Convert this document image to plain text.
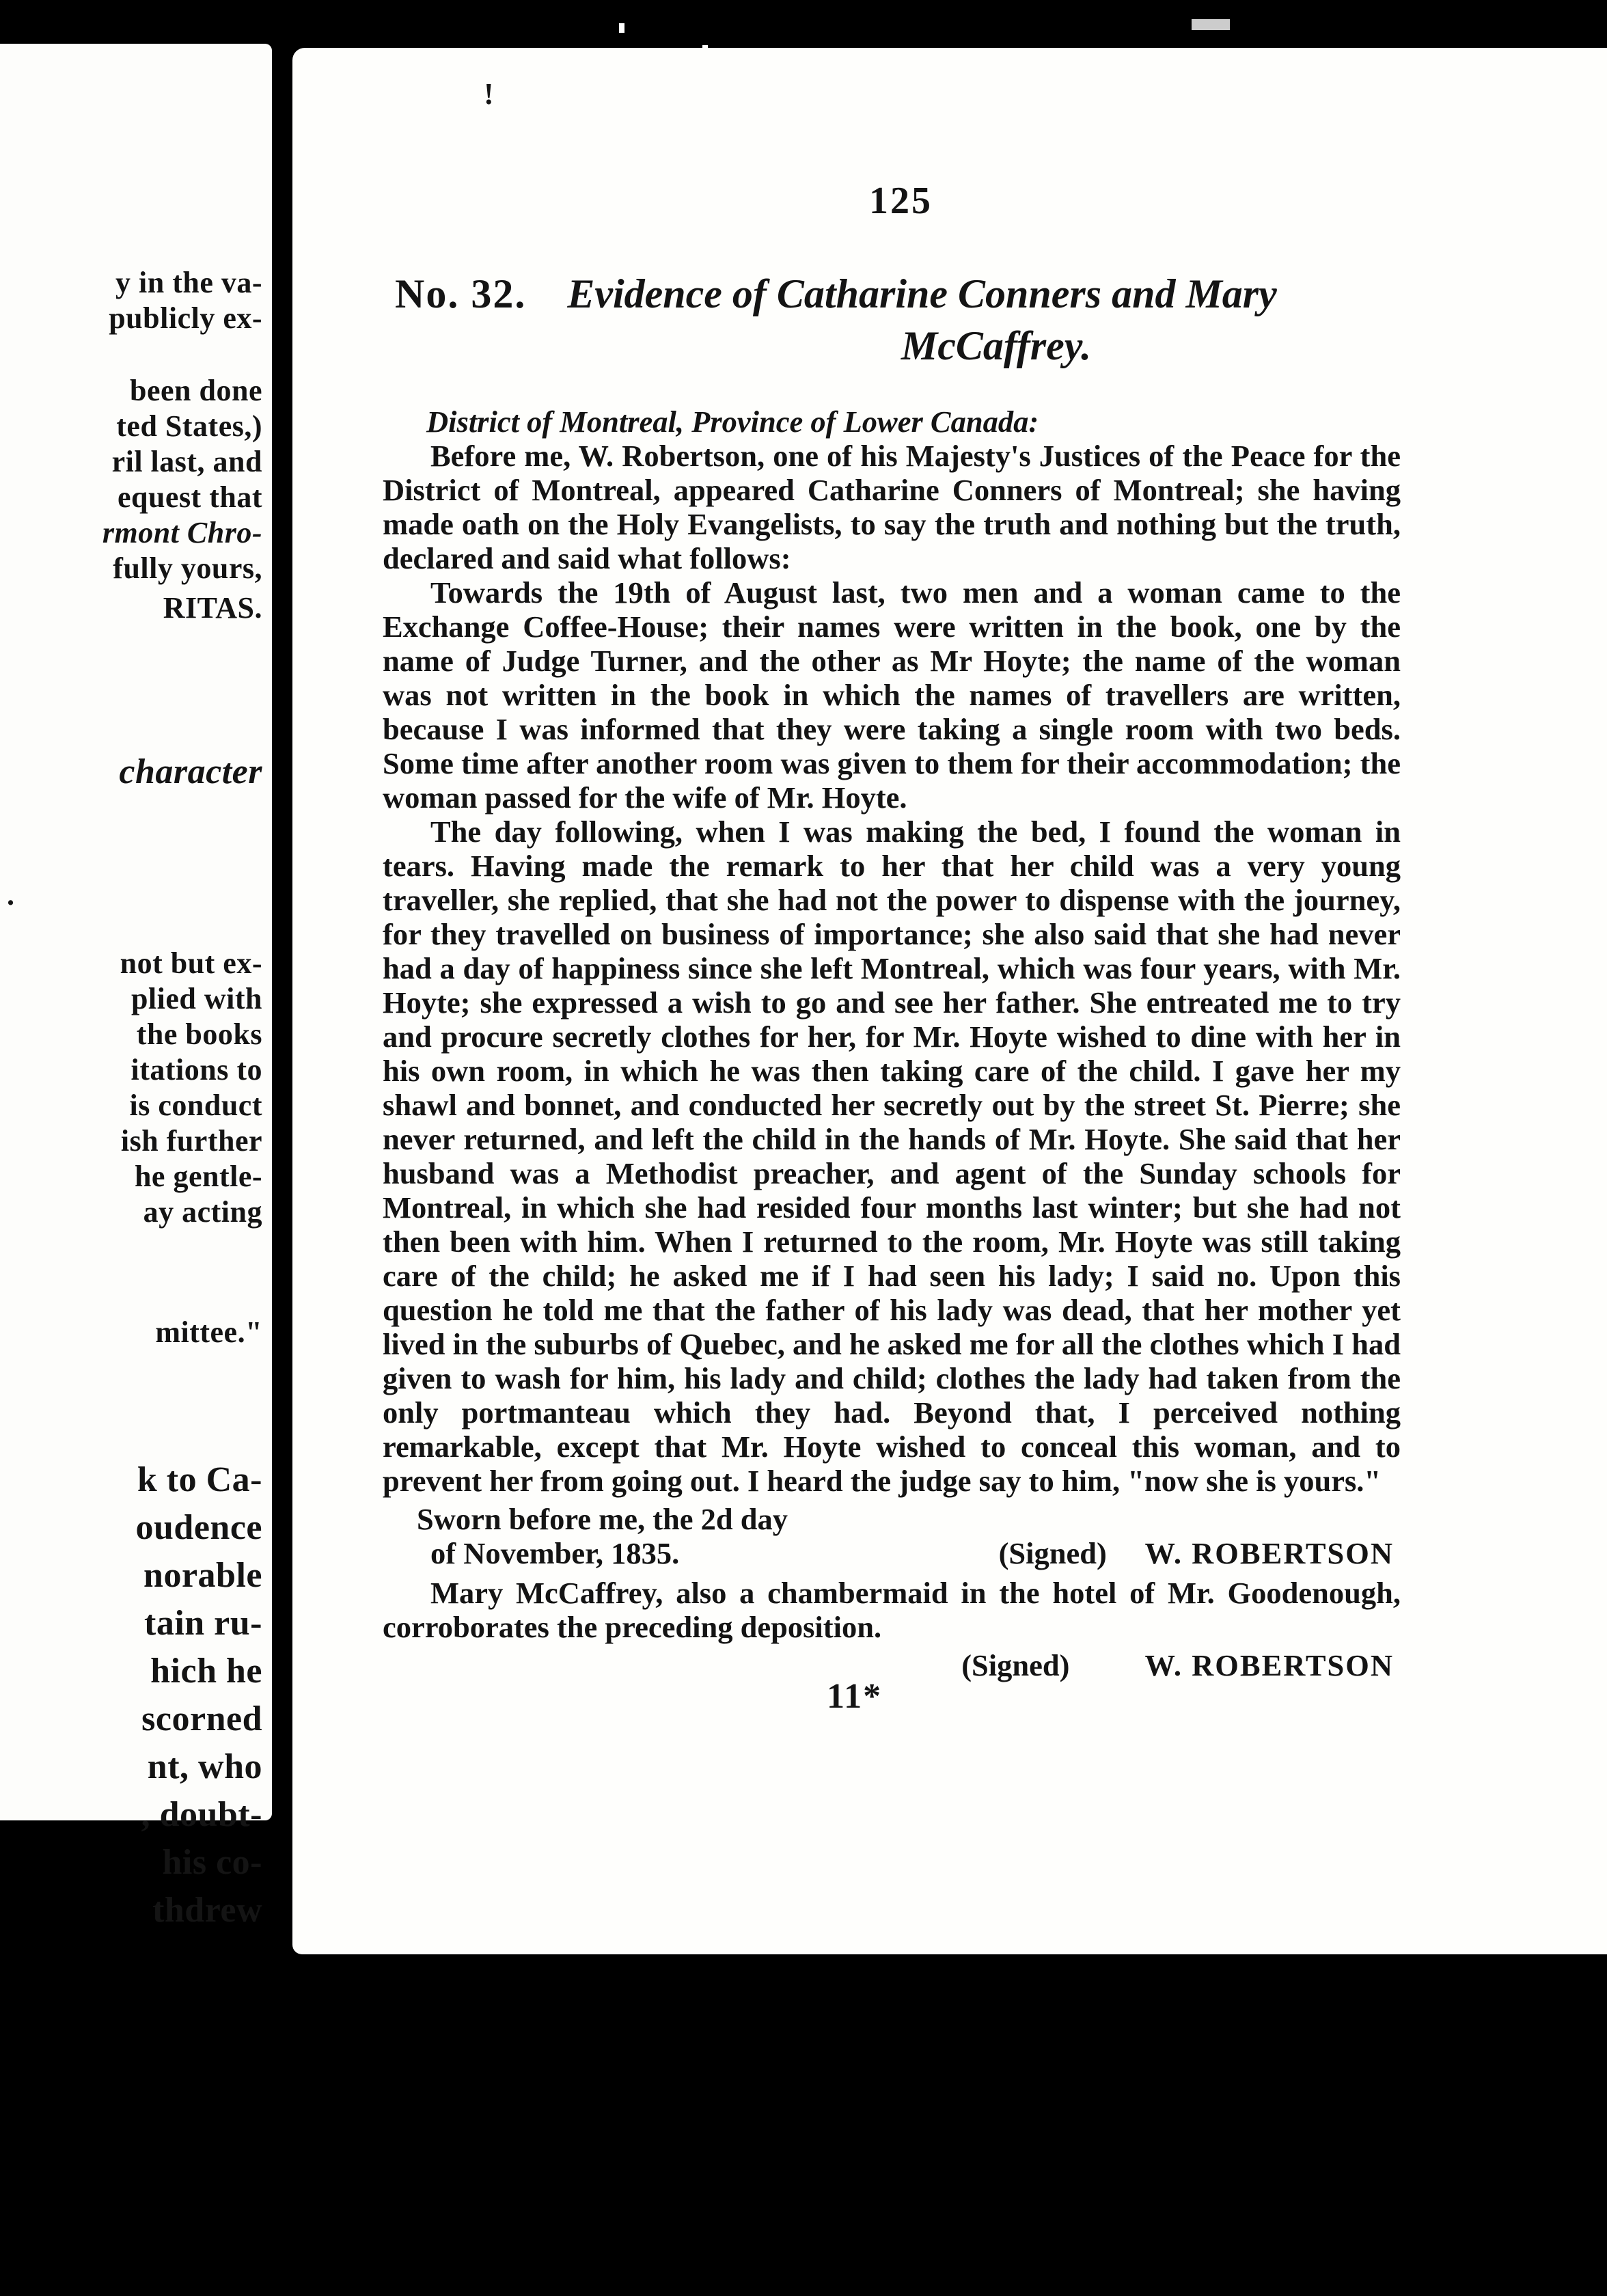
y in the va-
publicly ex-
been done
ted States,)
ril last, and
equest that
rmont Chro-
fully yours,
RITAS.
character
.
not but ex-
plied with
the books
itations to
is conduct
ish further
he gentle-
ay acting
mittee."
k to Ca-
oudence
norable
tain ru-
hich he
scorned
nt, who
, doubt-
his co-
thdrew
!
125
No. 32. Evidence of Catharine Conners and Mary
McCaffrey.

District of Montreal, Province of Lower Canada:

Before me, W. Robertson, one of his Majesty's Justices of the Peace for the District of Montreal, appeared Catharine Conners of Montreal; she having made oath on the Holy Evangelists, to say the truth and nothing but the truth, declared and said what follows:

Towards the 19th of August last, two men and a woman came to the Exchange Coffee-House; their names were written in the book, one by the name of Judge Turner, and the other as Mr Hoyte; the name of the woman was not written in the book in which the names of travellers are written, because I was informed that they were taking a single room with two beds. Some time after another room was given to them for their accommodation; the woman passed for the wife of Mr. Hoyte.

The day following, when I was making the bed, I found the woman in tears. Having made the remark to her that her child was a very young traveller, she replied, that she had not the power to dispense with the journey, for they travelled on business of importance; she also said that she had never had a day of happiness since she left Montreal, which was four years, with Mr. Hoyte; she expressed a wish to go and see her father. She entreated me to try and procure secretly clothes for her, for Mr. Hoyte wished to dine with her in his own room, in which he was then taking care of the child. I gave her my shawl and bonnet, and conducted her secretly out by the street St. Pierre; she never returned, and left the child in the hands of Mr. Hoyte. She said that her husband was a Methodist preacher, and agent of the Sunday schools for Montreal, in which she had resided four months last winter; but she had not then been with him. When I returned to the room, Mr. Hoyte was still taking care of the child; he asked me if I had seen his lady; I said no. Upon this question he told me that the father of his lady was dead, that her mother yet lived in the suburbs of Quebec, and he asked me for all the clothes which I had given to wash for him, his lady and child; clothes the lady had taken from the only portmanteau which they had. Beyond that, I perceived nothing remarkable, except that Mr. Hoyte wished to conceal this woman, and to prevent her from going out. I heard the judge say to him, "now she is yours."

Sworn before me, the 2d day
of November, 1835.	(Signed) W. ROBERTSON

Mary McCaffrey, also a chambermaid in the hotel of Mr. Goodenough, corroborates the preceding deposition.

(Signed) W. ROBERTSON
11*
